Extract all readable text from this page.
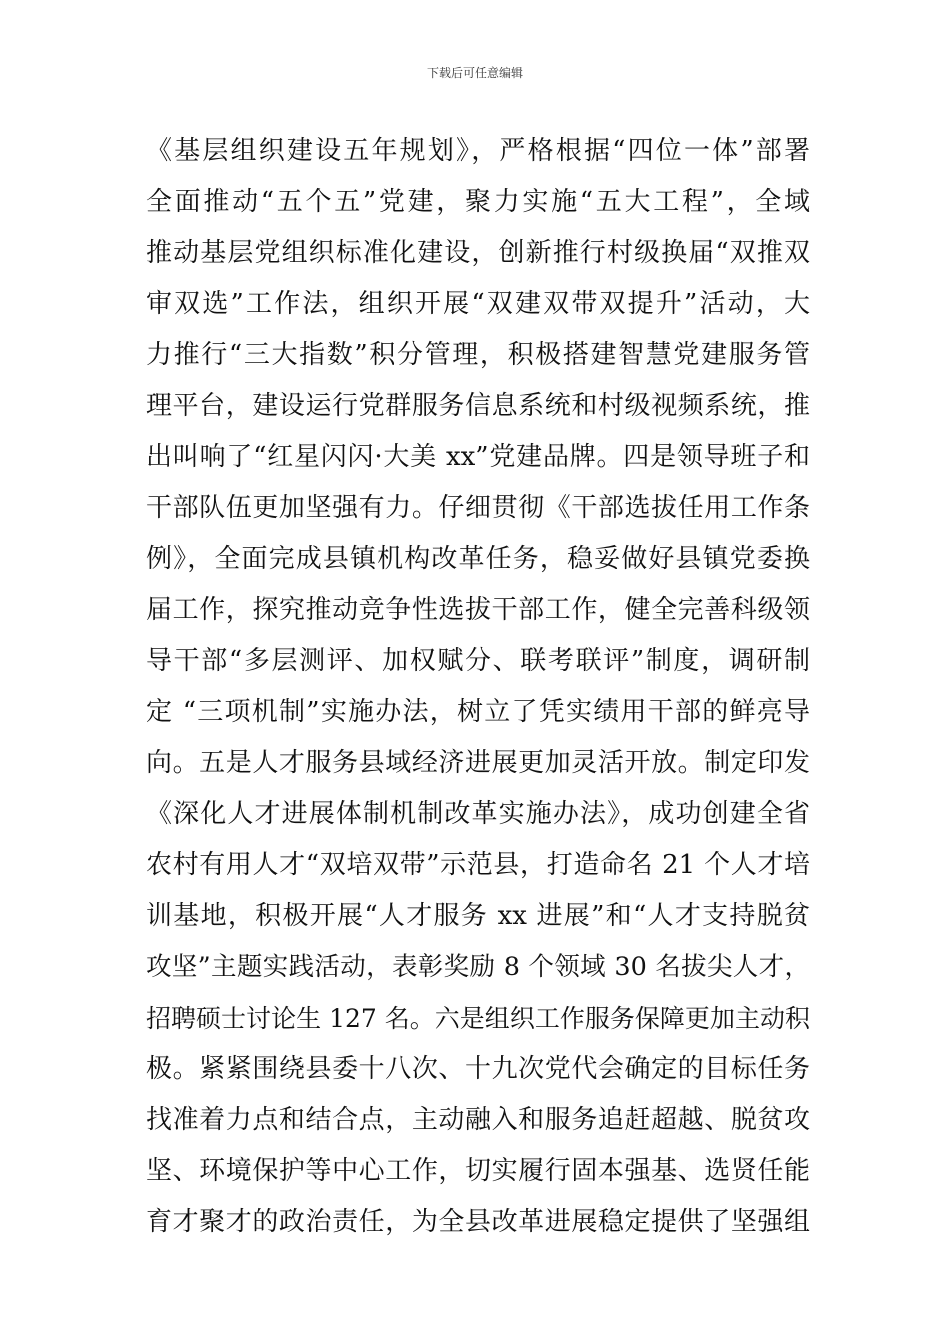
下载后可任意编辑
《基层组织建设五年规划》，严格根据“四位一体”部署
全面推动“五个五”党建，聚力实施“五大工程”，全域
推动基层党组织标准化建设，创新推行村级换届“双推双
审双选”工作法，组织开展“双建双带双提升”活动，大
力推行“三大指数”积分管理，积极搭建智慧党建服务管
理平台，建设运行党群服务信息系统和村级视频系统，推
出叫响了“红星闪闪·大美 xx”党建品牌。四是领导班子和
干部队伍更加坚强有力。仔细贯彻《干部选拔任用工作条
例》，全面完成县镇机构改革任务，稳妥做好县镇党委换
届工作，探究推动竞争性选拔干部工作，健全完善科级领
导干部“多层测评、加权赋分、联考联评”制度，调研制
定 “三项机制”实施办法，树立了凭实绩用干部的鲜亮导
向。五是人才服务县域经济进展更加灵活开放。制定印发
《深化人才进展体制机制改革实施办法》，成功创建全省
农村有用人才“双培双带”示范县，打造命名 21 个人才培
训基地，积极开展“人才服务 xx 进展”和“人才支持脱贫
攻坚”主题实践活动，表彰奖励 8 个领域 30 名拔尖人才，
招聘硕士讨论生 127 名。六是组织工作服务保障更加主动积
极。紧紧围绕县委十八次、十九次党代会确定的目标任务
找准着力点和结合点，主动融入和服务追赶超越、脱贫攻
坚、环境保护等中心工作，切实履行固本强基、选贤任能
育才聚才的政治责任，为全县改革进展稳定提供了坚强组
